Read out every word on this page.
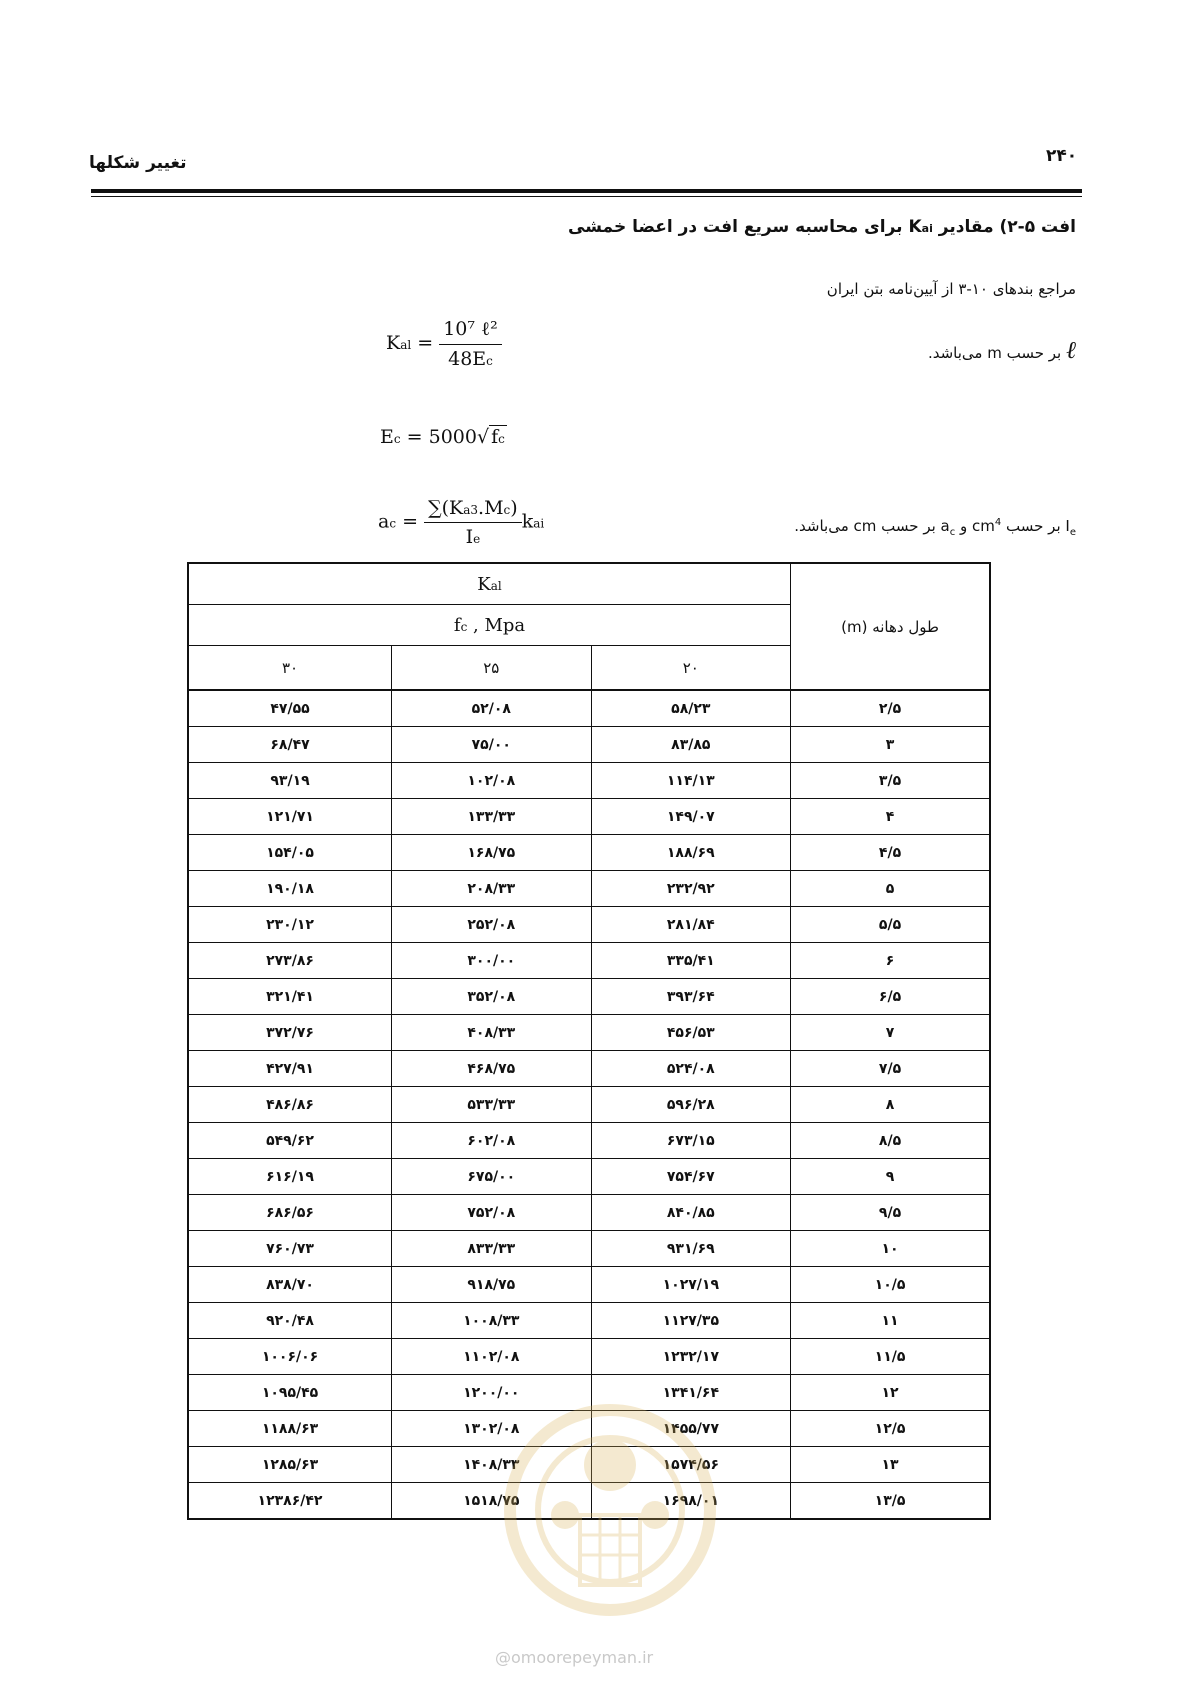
۲۴۰
تغییر شکلها
افت ۵-۲) مقادیر Kai برای محاسبه سریع افت در اعضا خمشی
مراجع بندهای ۱۰-۳ از آیین‌نامه بتن ایران
ℓ بر حسب m می‌باشد.
$I_e$ بر حسب $cm^4$ و $a_c$ بر حسب cm می‌باشد.
Kal = $\frac{\text{10⁷ ℓ²}}{48Ec}$
Ec = 5000√ fc
ac = $\frac{\sum(Ka3.Mc)}{Ie}$ kai
Kal			طول دهانه (m)
fc , Mpa			
۳۰	۲۵	۲۰	
۴۷/۵۵	۵۲/۰۸	۵۸/۲۳	۲/۵
۶۸/۴۷	۷۵/۰۰	۸۳/۸۵	۳
۹۳/۱۹	۱۰۲/۰۸	۱۱۴/۱۳	۳/۵
۱۲۱/۷۱	۱۳۳/۳۳	۱۴۹/۰۷	۴
۱۵۴/۰۵	۱۶۸/۷۵	۱۸۸/۶۹	۴/۵
۱۹۰/۱۸	۲۰۸/۳۳	۲۳۲/۹۲	۵
۲۳۰/۱۲	۲۵۲/۰۸	۲۸۱/۸۴	۵/۵
۲۷۳/۸۶	۳۰۰/۰۰	۳۳۵/۴۱	۶
۳۲۱/۴۱	۳۵۲/۰۸	۳۹۳/۶۴	۶/۵
۳۷۲/۷۶	۴۰۸/۳۳	۴۵۶/۵۳	۷
۴۲۷/۹۱	۴۶۸/۷۵	۵۲۴/۰۸	۷/۵
۴۸۶/۸۶	۵۳۳/۳۳	۵۹۶/۲۸	۸
۵۴۹/۶۲	۶۰۲/۰۸	۶۷۳/۱۵	۸/۵
۶۱۶/۱۹	۶۷۵/۰۰	۷۵۴/۶۷	۹
۶۸۶/۵۶	۷۵۲/۰۸	۸۴۰/۸۵	۹/۵
۷۶۰/۷۳	۸۳۳/۳۳	۹۳۱/۶۹	۱۰
۸۳۸/۷۰	۹۱۸/۷۵	۱۰۲۷/۱۹	۱۰/۵
۹۲۰/۴۸	۱۰۰۸/۳۳	۱۱۲۷/۳۵	۱۱
۱۰۰۶/۰۶	۱۱۰۲/۰۸	۱۲۳۲/۱۷	۱۱/۵
۱۰۹۵/۴۵	۱۲۰۰/۰۰	۱۳۴۱/۶۴	۱۲
۱۱۸۸/۶۳	۱۳۰۲/۰۸	۱۴۵۵/۷۷	۱۲/۵
۱۲۸۵/۶۳	۱۴۰۸/۳۳	۱۵۷۴/۵۶	۱۳
۱۲۳۸۶/۴۲	۱۵۱۸/۷۵	۱۶۹۸/۰۱	۱۳/۵
@omoorepeyman.ir
